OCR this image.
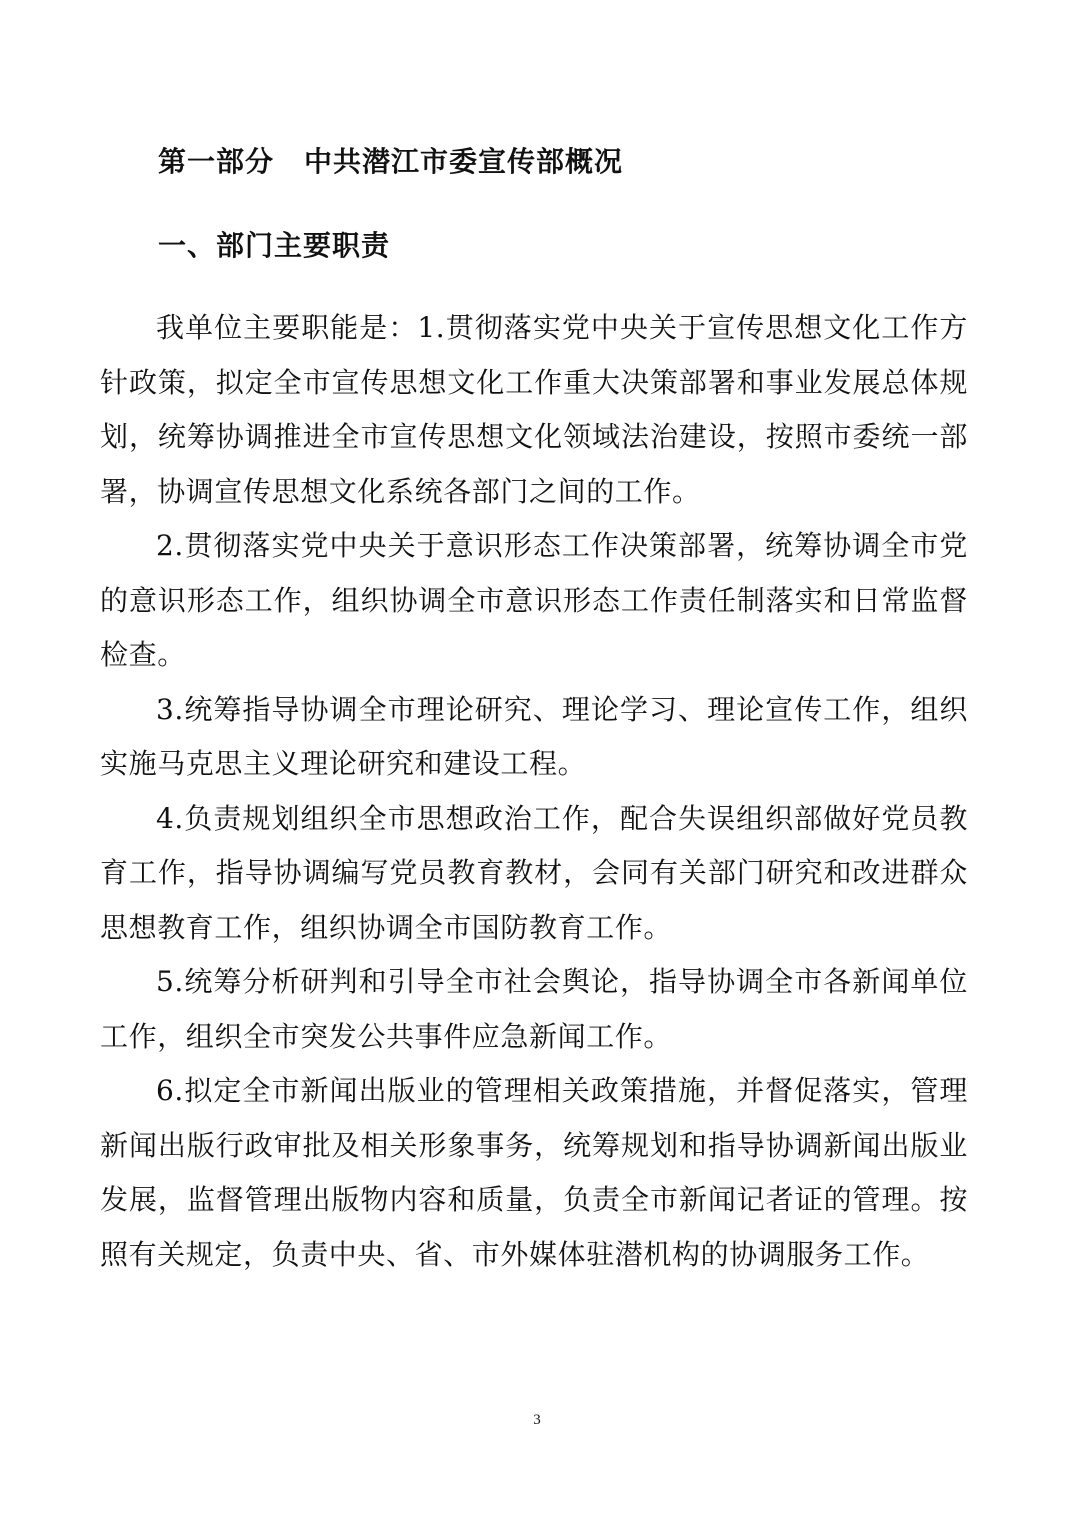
第一部分 中共潜江市委宣传部概况
一、部门主要职责

我单位主要职能是：1.贯彻落实党中央关于宣传思想文化工作方针政策，拟定全市宣传思想文化工作重大决策部署和事业发展总体规划，统筹协调推进全市宣传思想文化领域法治建设，按照市委统一部署，协调宣传思想文化系统各部门之间的工作。

2.贯彻落实党中央关于意识形态工作决策部署，统筹协调全市党的意识形态工作，组织协调全市意识形态工作责任制落实和日常监督检查。

3.统筹指导协调全市理论研究、理论学习、理论宣传工作，组织实施马克思主义理论研究和建设工程。

4.负责规划组织全市思想政治工作，配合失误组织部做好党员教育工作，指导协调编写党员教育教材，会同有关部门研究和改进群众思想教育工作，组织协调全市国防教育工作。

5.统筹分析研判和引导全市社会舆论，指导协调全市各新闻单位工作，组织全市突发公共事件应急新闻工作。

6.拟定全市新闻出版业的管理相关政策措施，并督促落实，管理新闻出版行政审批及相关形象事务，统筹规划和指导协调新闻出版业发展，监督管理出版物内容和质量，负责全市新闻记者证的管理。按照有关规定，负责中央、省、市外媒体驻潜机构的协调服务工作。

3
